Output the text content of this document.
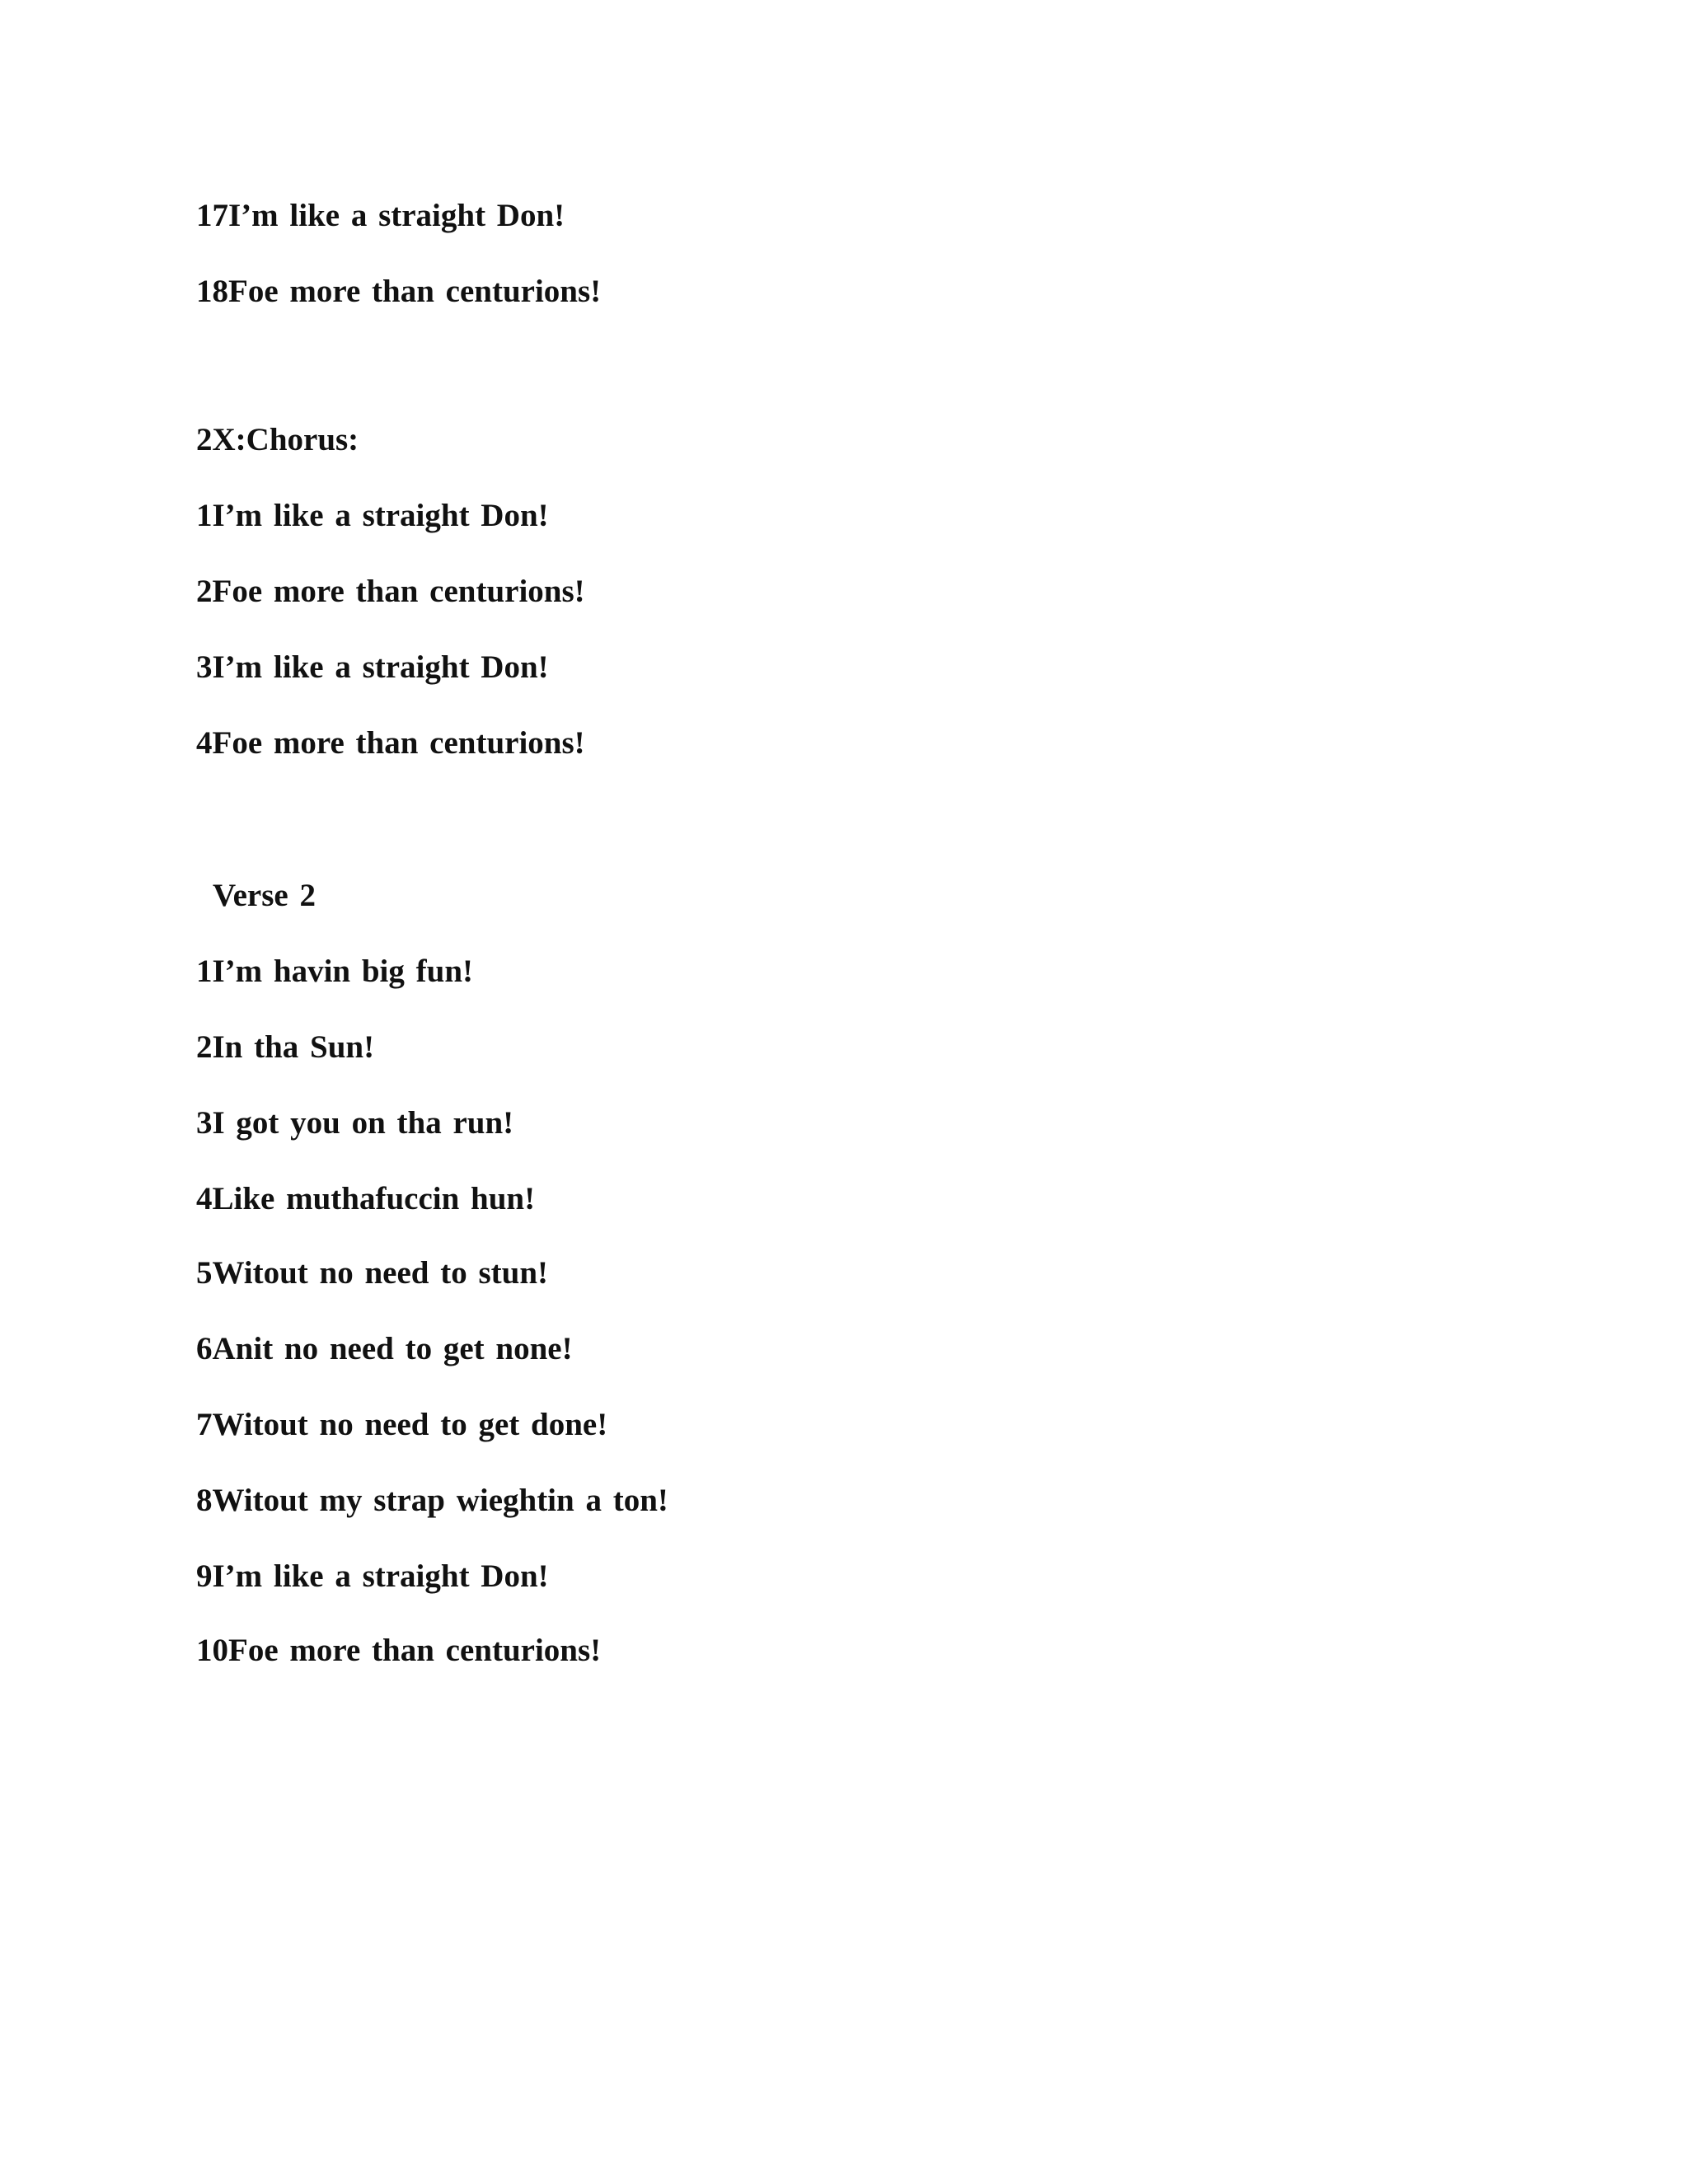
17I’m like a straight Don!

18Foe more than centurions!

2X:Chorus:

1I’m like a straight Don!

2Foe more than centurions!

3I’m like a straight Don!

4Foe more than centurions!

Verse 2

1I’m havin big fun!

2In tha Sun!

3I got you on tha run!

4Like muthafuccin hun!

5Witout no need to stun!

6Anit no need to get none!

7Witout no need to get done!

8Witout my strap wieghtin a ton!

9I’m like a straight Don!

10Foe more than centurions!
